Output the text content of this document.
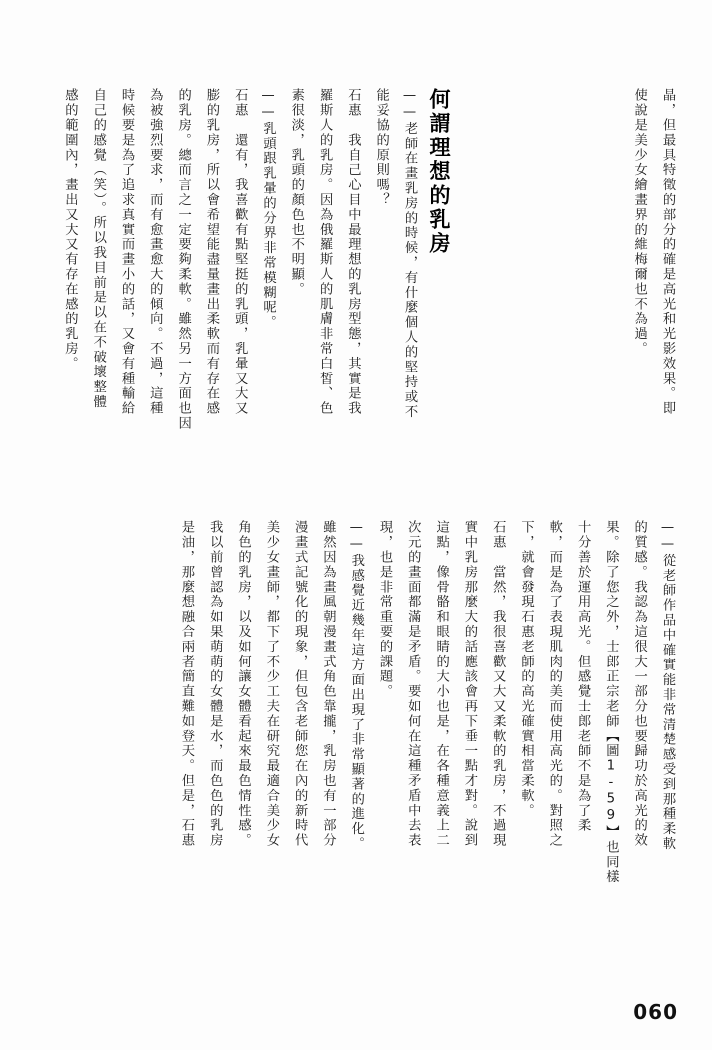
晶，但最具特徵的部分的確是高光和光影效果。即
使說是美少女繪畫界的維梅爾也不為過。
何謂理想的乳房
——老師在畫乳房的時候，有什麼個人的堅持或不
能妥協的原則嗎？
石惠　我自己心目中最理想的乳房型態，其實是我
羅斯人的乳房。因為俄羅斯人的肌膚非常白皙、色
素很淡，乳頭的顏色也不明顯。
——乳頭跟乳暈的分界非常模糊呢。
石惠　還有，我喜歡有點堅挺的乳頭，乳暈又大又
膨的乳房，所以會希望能盡量畫出柔軟而有存在感
的乳房。總而言之一定要夠柔軟。雖然另一方面也因
為被強烈要求，而有愈畫愈大的傾向。不過，這種
時候要是為了追求真實而畫小的話，又會有種輸給
自己的感覺（笑）。所以我目前是以在不破壞整體
感的範圍內，畫出又大又有存在感的乳房。
——從老師作品中確實能非常清楚感受到那種柔軟
的質感。我認為這很大一部分也要歸功於高光的效
果。除了您之外，士郎正宗老師【圖1-59】也同樣
十分善於運用高光。但感覺士郎老師不是為了柔
軟，而是為了表現肌肉的美而使用高光的。對照之
下，就會發現石惠老師的高光確實相當柔軟。
石惠　當然，我很喜歡又大又柔軟的乳房，不過現
實中乳房那麼大的話應該會再下垂一點才對。說到
這點，像骨骼和眼睛的大小也是，在各種意義上二
次元的畫面都滿是矛盾。要如何在這種矛盾中去表
現，也是非常重要的課題。
——我感覺近幾年這方面出現了非常顯著的進化。
雖然因為畫風朝漫畫式角色靠攏，乳房也有一部分
漫畫式記號化的現象，但包含老師您在內的新時代
美少女畫師，都下了不少工夫在研究最適合美少女
角色的乳房，以及如何讓女體看起來最色情性感。
我以前曾認為如果萌萌的女體是水，而色色的乳房
是油，那麼想融合兩者簡直難如登天。但是，石惠
060
